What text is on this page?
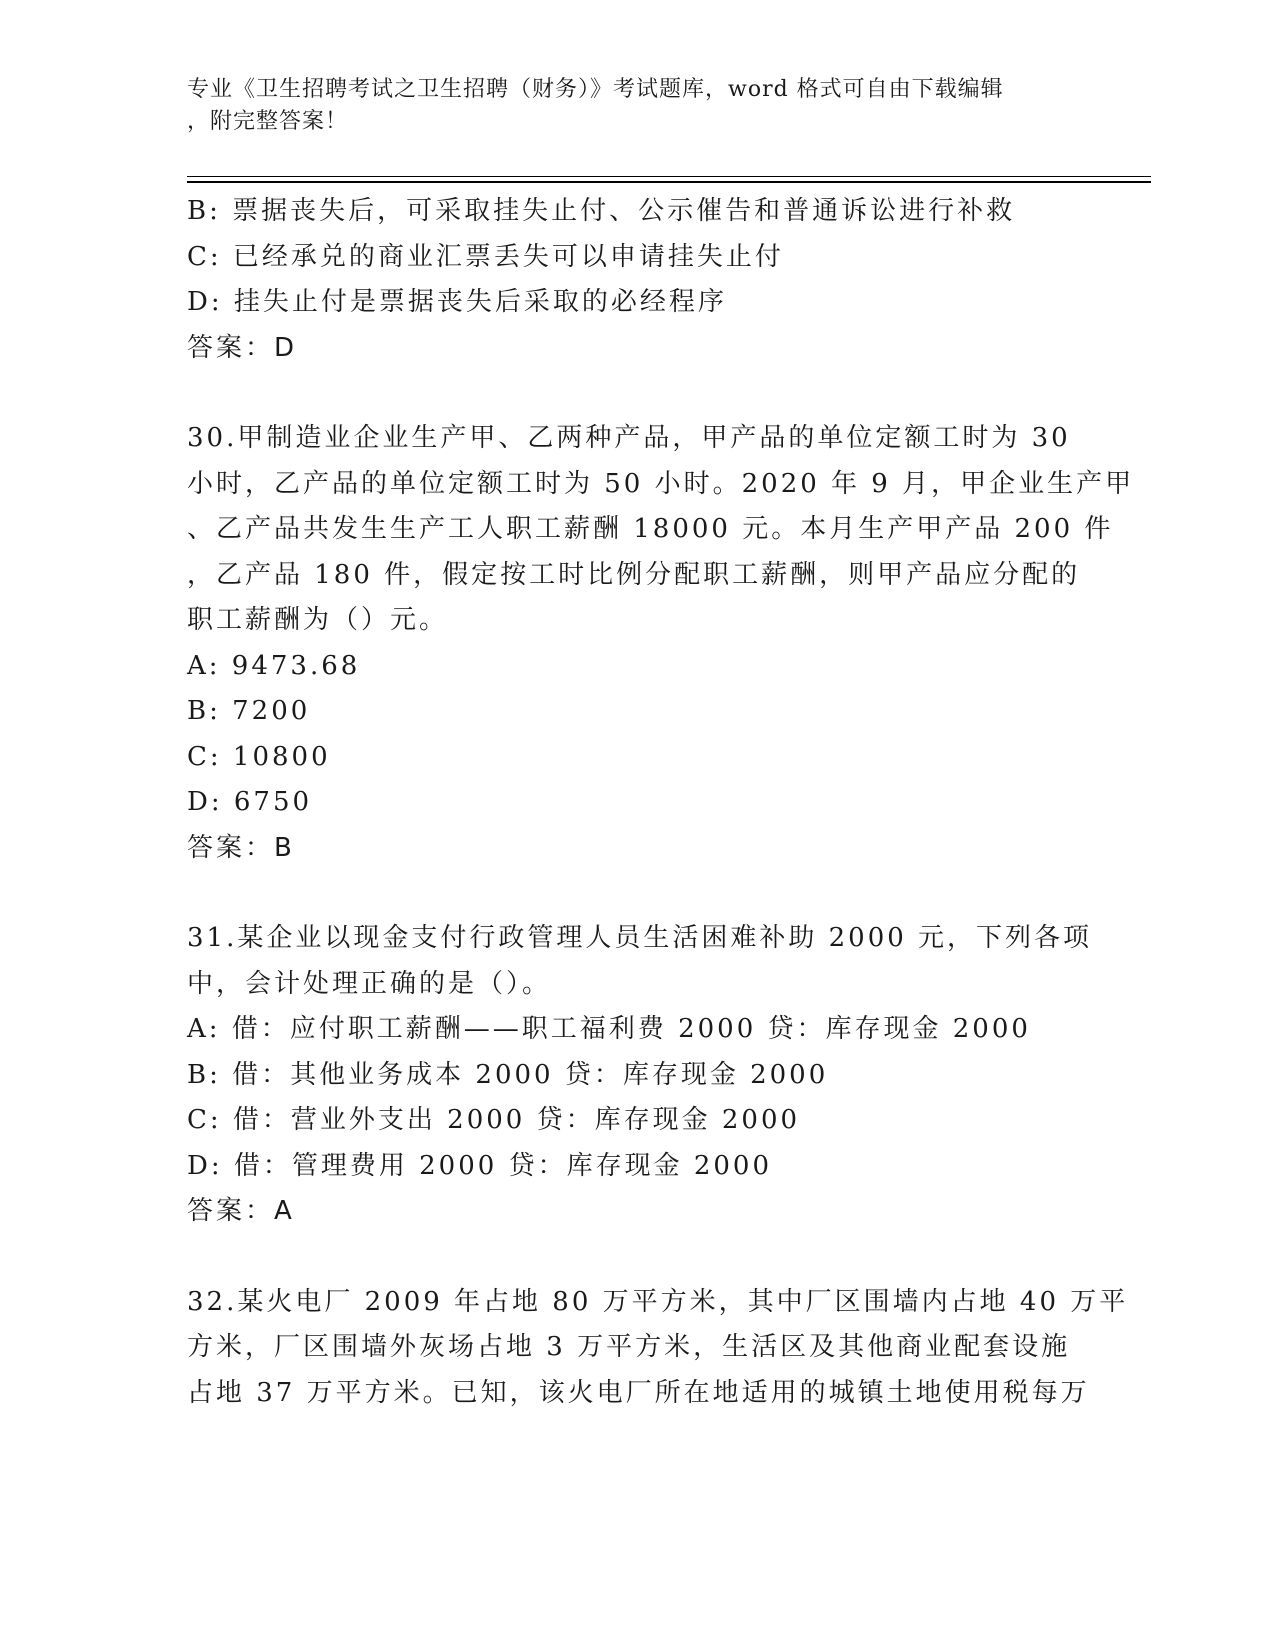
专业《卫生招聘考试之卫生招聘（财务）》考试题库，word 格式可自由下载编辑
，附完整答案！
B: 票据丧失后，可采取挂失止付、公示催告和普通诉讼进行补救
C: 已经承兑的商业汇票丢失可以申请挂失止付
D: 挂失止付是票据丧失后采取的必经程序
答案：D
30.甲制造业企业生产甲、乙两种产品，甲产品的单位定额工时为 30
小时，乙产品的单位定额工时为 50 小时。2020 年 9 月，甲企业生产甲
、乙产品共发生生产工人职工薪酬 18000 元。本月生产甲产品 200 件
，乙产品 180 件，假定按工时比例分配职工薪酬，则甲产品应分配的
职工薪酬为（）元。
A: 9473.68
B: 7200
C: 10800
D: 6750
答案：B
31.某企业以现金支付行政管理人员生活困难补助 2000 元，下列各项
中，会计处理正确的是（）。
A: 借：应付职工薪酬——职工福利费 2000 贷：库存现金 2000
B: 借：其他业务成本 2000 贷：库存现金 2000
C: 借：营业外支出 2000 贷：库存现金 2000
D: 借：管理费用 2000 贷：库存现金 2000
答案：A
32.某火电厂 2009 年占地 80 万平方米，其中厂区围墙内占地 40 万平
方米，厂区围墙外灰场占地 3 万平方米，生活区及其他商业配套设施
占地 37 万平方米。已知，该火电厂所在地适用的城镇土地使用税每万
